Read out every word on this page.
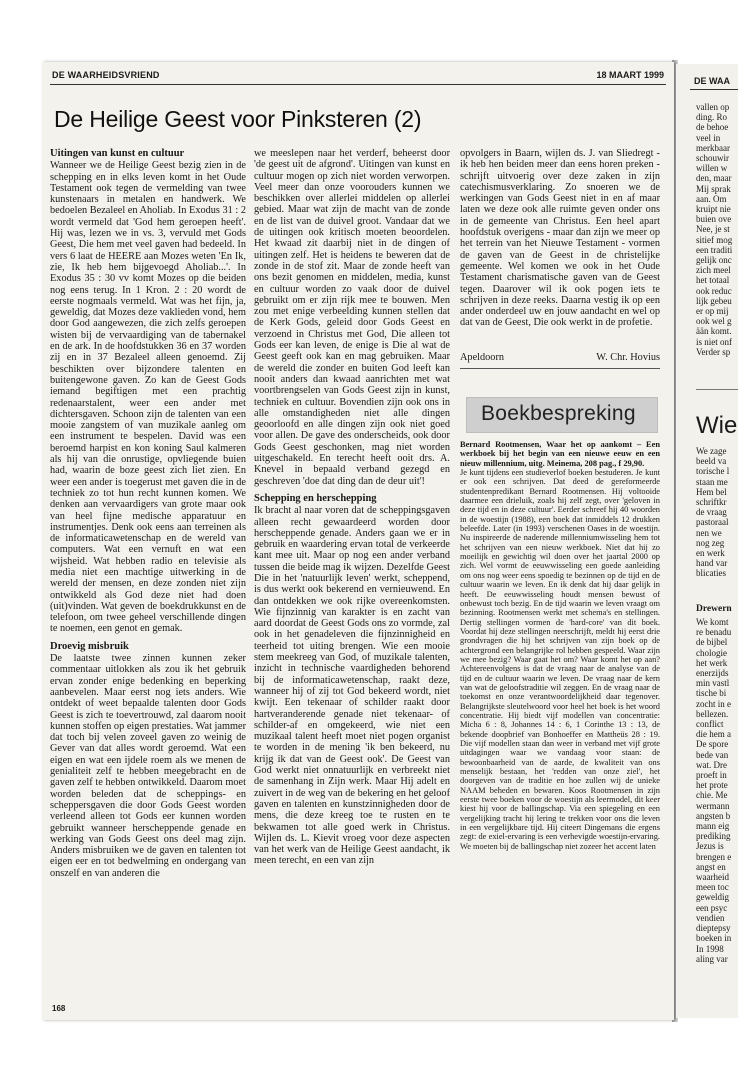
DE WAARHEIDSVRIEND	18 MAART 1999
De Heilige Geest voor Pinksteren (2)
Uitingen van kunst en cultuur

Wanneer we de Heilige Geest bezig zien in de schepping en in elks leven komt in het Oude Testament ook tegen de vermelding van twee kunstenaars in metalen en handwerk. We bedoelen Bezaleel en Aholiab. In Exodus 31 : 2 wordt vermeld dat 'God hem geroepen heeft'. Hij was, lezen we in vs. 3, vervuld met Gods Geest, Die hem met veel gaven had bedeeld. In vers 6 laat de HEERE aan Mozes weten 'En Ik, zie, Ik heb hem bijgevoegd Aholiab...'. In Exodus 35 : 30 vv komt Mozes op die beiden nog eens terug. In 1 Kron. 2 : 20 wordt de eerste nogmaals vermeld. Wat was het fijn, ja, geweldig, dat Mozes deze vaklieden vond, hem door God aangewezen, die zich zelfs geroepen wisten bij de vervaardiging van de tabernakel en de ark. In de hoofdstukken 36 en 37 worden zij en in 37 Bezaleel alleen genoemd. Zij beschikten over bijzondere talenten en buitengewone gaven. Zo kan de Geest Gods iemand begiftigen met een prachtig redenaarstalent, weer een ander met dichtersgaven. Schoon zijn de talenten van een mooie zangstem of van muzikale aanleg om een instrument te bespelen. David was een beroemd harpist en kon koning Saul kalmeren als hij van die onrustige, opvliegende buien had, waarin de boze geest zich liet zien. En weer een ander is toegerust met gaven die in de techniek zo tot hun recht kunnen komen. We denken aan vervaardigers van grote maar ook van heel fijne medische apparatuur en instrumentjes. Denk ook eens aan terreinen als de informaticawetenschap en de wereld van computers. Wat een vernuft en wat een wijsheid. Wat hebben radio en televisie als media niet een machtige uitwerking in de wereld der mensen, en deze zonden niet zijn ontwikkeld als God deze niet had doen (uit)vinden. Wat geven de boekdrukkunst en de telefoon, om twee geheel verschillende dingen te noemen, een genot en gemak.

Droevig misbruik

De laatste twee zinnen kunnen zeker commentaar uitlokken als zou ik het gebruik ervan zonder enige bedenking en beperking aanbevelen. Maar eerst nog iets anders. Wie ontdekt of weet bepaalde talenten door Gods Geest is zich te toevertrouwd, zal daarom nooit kunnen stoffen op eigen prestaties. Wat jammer dat toch bij velen zoveel gaven zo weinig de Gever van dat alles wordt geroemd. Wat een eigen en wat een ijdele roem als we menen de genialiteit zelf te hebben meegebracht en de gaven zelf te hebben ontwikkeld. Daarom moet worden beleden dat de scheppings- en scheppersgaven die door Gods Geest worden verleend alleen tot Gods eer kunnen worden gebruikt wanneer herscheppende genade en werking van Gods Geest ons deel mag zijn. Anders misbruiken we de gaven en talenten tot eigen eer en tot bedwelming en ondergang van onszelf en van anderen die

we meeslepen naar het verderf, beheerst door 'de geest uit de afgrond'. Uitingen van kunst en cultuur mogen op zich niet worden verworpen. Veel meer dan onze voorouders kunnen we beschikken over allerlei middelen op allerlei gebied. Maar wat zijn de macht van de zonde en de list van de duivel groot. Vandaar dat we de uitingen ook kritisch moeten beoordelen. Het kwaad zit daarbij niet in de dingen of uitingen zelf. Het is heidens te beweren dat de zonde in de stof zit. Maar de zonde heeft van ons bezit genomen en middelen, media, kunst en cultuur worden zo vaak door de duivel gebruikt om er zijn rijk mee te bouwen. Men zou met enige verbeelding kunnen stellen dat de Kerk Gods, geleid door Gods Geest en verzoend in Christus met God, Die alleen tot Gods eer kan leven, de enige is Die al wat de Geest geeft ook kan en mag gebruiken. Maar de wereld die zonder en buiten God leeft kan nooit anders dan kwaad aanrichten met wat voortbrengselen van Gods Geest zijn in kunst, techniek en cultuur. Bovendien zijn ook ons in alle omstandigheden niet alle dingen geoorloofd en alle dingen zijn ook niet goed voor allen. De gave des onderscheids, ook door Gods Geest geschonken, mag niet worden uitgeschakeld. En terecht heeft ooit drs. A. Knevel in bepaald verband gezegd en geschreven 'doe dat ding dan de deur uit'!

Schepping en herschepping

Ik bracht al naar voren dat de scheppingsgaven alleen recht gewaardeerd worden door herscheppende genade. Anders gaan we er in gebruik en waardering ervan total de verkeerde kant mee uit. Maar op nog een ander verband tussen die beide mag ik wijzen. Dezelfde Geest Die in het 'natuurlijk leven' werkt, scheppend, is dus werkt ook bekerend en vernieuwend. En dan ontdekken we ook rijke overeenkomsten. Wie fijnzinnig van karakter is en zacht van aard doordat de Geest Gods ons zo vormde, zal ook in het genadeleven die fijnzinnigheid en teerheid tot uiting brengen. Wie een mooie stem meekreeg van God, of muzikale talenten, inzicht in technische vaardigheden behorend bij de informaticawetenschap, raakt deze, wanneer hij of zij tot God bekeerd wordt, niet kwijt. Een tekenaar of schilder raakt door hartveranderende genade niet tekenaar- of schilder-af en omgekeerd, wie niet een muzikaal talent heeft moet niet pogen organist te worden in de mening 'ik ben bekeerd, nu krijg ik dat van de Geest ook'. De Geest van God werkt niet onnatuurlijk en verbreekt niet de samenhang in Zijn werk. Maar Hij adelt en zuivert in de weg van de bekering en het geloof gaven en talenten en kunstzinnigheden door de mens, die deze kreeg toe te rusten en te bekwamen tot alle goed werk in Christus. Wijlen ds. L. Kievit vroeg voor deze aspecten van het werk van de Heilige Geest aandacht, ik meen terecht, en een van zijn

opvolgers in Baarn, wijlen ds. J. van Sliedregt - ik heb hen beiden meer dan eens horen preken - schrijft uitvoerig over deze zaken in zijn catechismusverklaring. Zo snoeren we de werkingen van Gods Geest niet in en af maar laten we deze ook alle ruimte geven onder ons in de gemeente van Christus. Een heel apart hoofdstuk overigens - maar dan zijn we meer op het terrein van het Nieuwe Testament - vormen de gaven van de Geest in de christelijke gemeente. Wel komen we ook in het Oude Testament charismatische gaven van de Geest tegen. Daarover wil ik ook pogen iets te schrijven in deze reeks. Daarna vestig ik op een ander onderdeel uw en jouw aandacht en wel op dat van de Geest, Die ook werkt in de profetie.

Apeldoorn	W. Chr. Hovius
Boekbespreking

Bernard Rootmensen, Waar het op aankomt – Een werkboek bij het begin van een nieuwe eeuw en een nieuw millennium, uitg. Meinema, 208 pag., f 29,90.

Je kunt tijdens een studieverlof boeken bestuderen. Je kunt er ook een schrijven. Dat deed de gereformeerde studentenpredikant Bernard Rootmensen. Hij voltooide daarmee een drieluik, zoals hij zelf zegt, over 'geloven in deze tijd en in deze cultuur'. Eerder schreef hij 40 woorden in de woestijn (1988), een boek dat inmiddels 12 drukken beleefde. Later (in 1993) verschenen Oases in de woestijn. Nu inspireerde de naderende millenniumwisseling hem tot het schrijven van een nieuw werkboek. Niet dat hij zo moeilijk en gewichtig wil doen over het jaartal 2000 op zich. Wel vormt de eeuwwisseling een goede aanleiding om ons nog weer eens spoedig te bezinnen op de tijd en de cultuur waarin we leven. En ik denk dat hij daar gelijk in heeft. De eeuwwisseling houdt mensen bewust of onbewust toch bezig. En de tijd waarin we leven vraagt om bezinning. Rootmensen werkt met schema's en stellingen. Dertig stellingen vormen de 'hard-core' van dit boek. Voordat hij deze stellingen neerschrijft, meldt hij eerst drie grondvragen die hij het schrijven van zijn boek op de achtergrond een belangrijke rol hebben gespeeld. Waar zijn we mee bezig? Waar gaat het om? Waar komt het op aan? Achtereenvolgens is dat de vraag naar de analyse van de tijd en de cultuur waarin we leven. De vraag naar de kern van wat de geloofstraditie wil zeggen. En de vraag naar de toekomst en onze verantwoordelijkheid daar tegenover. Belangrijkste sleutelwoord voor heel het boek is het woord concentratie. Hij biedt vijf modellen van concentratie: Micha 6 : 8, Johannes 14 : 6, 1 Corinthe 13 : 13, de bekende doopbrief van Bonhoeffer en Mattheüs 28 : 19. Die vijf modellen staan dan weer in verband met vijf grote uitdagingen waar we vandaag voor staan: de bewoonbaarheid van de aarde, de kwaliteit van ons menselijk bestaan, het 'redden van onze ziel', het doorgeven van de traditie en hoe zullen wij de unieke NAAM beheden en bewaren. Koos Rootmensen in zijn eerste twee boeken voor de woestijn als leermodel, dit keer kiest hij voor de ballingschap. Via een spiegeling en een vergelijking tracht hij lering te trekken voor ons die leven in een vergelijkbare tijd. Hij citeert Dingemans die ergens zegt: de exiel-ervaring is een verhevigde woestijn-ervaring. We moeten bij de ballingschap niet zozeer het accent laten

168
DE WAA
vallen op
ding. Ro
de behoe
veel in
merkbaar
schouwir
willen w
den, maar
Mij sprak
aan. Om
kruipt nie
buien ove
Nee, je st
sitief mog
een traditi
gelijk onc
zich meel
het totaal
ook reduc
lijk gebeu
er op mij
ook wel g
ään komt.
is niet onf
Verder sp
Wie
We zage
beeld va
torische l
staan me
Hem bel
schriftkr
de vraag
pastoraal
nen we
nog zeg
en werk
hand var
blicaties
Drewern
We komt
re benadu
de bijbel
chologie
het werk
enerzijds
min vastl
tische bi
zocht in e
bellezen.
conflict
die hem a
De spore
bede van
wat. Dre
proeft in
het prote
chie. Me
wermann
angsten b
mann eig
prediking
Jezus is
brengen e
angst en
waarheid
meen toc
geweldig
een psyc
vendien
dieptepsy
boeken in
In 1998
aling var
